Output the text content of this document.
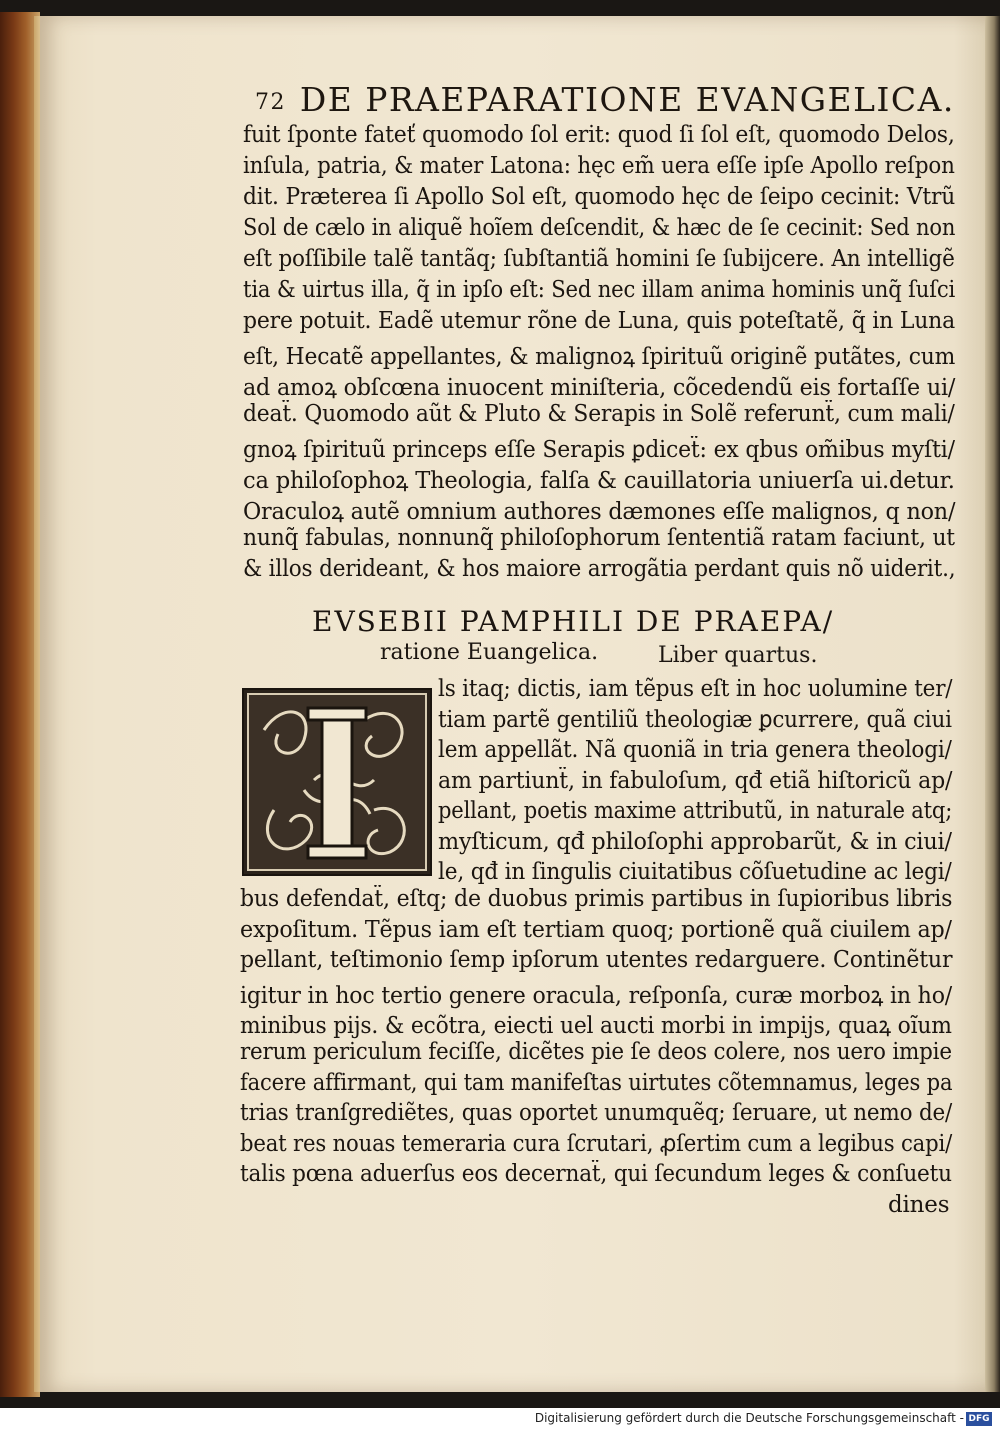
72 DE PRAEPARATIONE EVANGELICA.
fuit ſponte fateť quomodo ſol erit: quod ſi ſol eſt, quomodo Delos,
inſula, patria, & mater Latona: hęc em̃ uera eſſe ipſe Apollo reſpon
dit. Præterea ſi Apollo Sol eſt, quomodo hęc de ſeipo cecinit: Vtrũ
Sol de cælo in aliquẽ hoĩem deſcendit, & hæc de ſe cecinit: Sed non
eſt poſſibile talẽ tantãq; ſubſtantiã homini ſe ſubijcere. An intelligẽ
tia & uirtus illa, q̃ in ipſo eſt: Sed nec illam anima hominis unq̃ ſuſci
pere potuit. Eadẽ utemur rõne de Luna, quis poteſtatẽ, q̃ in Luna
eſt, Hecatẽ appellantes, & malignoꝝ ſpirituũ originẽ putãtes, cum
ad amoꝝ obſcœna inuocent miniſteria, cõcedendũ eis fortaſſe ui/
deaẗ. Quomodo aũt & Pluto & Serapis in Solẽ referunẗ, cum mali/
gnoꝝ ſpirituũ princeps eſſe Serapis ꝑdiceẗ: ex qbus om̃ibus myſti/
ca philoſophoꝝ Theologia, falſa & cauillatoria uniuerſa ui.detur.
Oraculoꝝ autẽ omnium authores dæmones eſſe malignos, q non/
nunq̃ fabulas, nonnunq̃ philoſophorum ſententiã ratam faciunt, ut
& illos derideant, & hos maiore arrogãtia perdant quis nõ uiderit.,
EVSEBII PAMPHILI DE PRAEPA/
ratione Euangelica.	Liber quartus.
ls itaq; dictis, iam tẽpus eſt in hoc uolumine ter/
tiam partẽ gentiliũ theologiæ ꝑcurrere, quã ciui
lem appellãt. Nã quoniã in tria genera theologi/
am partiunẗ, in fabuloſum, qđ etiã hiſtoricũ ap/
pellant, poetis maxime attributũ, in naturale atq;
myſticum, qđ philoſophi approbarũt, & in ciui/
le, qđ in ſingulis ciuitatibus cõſuetudine ac legi/
bus defendaẗ, eſtq; de duobus primis partibus in ſupioribus libris
expoſitum. Tẽpus iam eſt tertiam quoq; portionẽ quã ciuilem ap/
pellant, teſtimonio ſemp ipſorum utentes redarguere. Continẽtur
igitur in hoc tertio genere oracula, reſponſa, curæ morboꝝ in ho/
minibus pijs. & ecõtra, eiecti uel aucti morbi in impijs, quaꝝ oĩum
rerum periculum feciſſe, dicẽtes pie ſe deos colere, nos uero impie
facere affirmant, qui tam manifeſtas uirtutes cõtemnamus, leges pa
trias tranſgrediẽtes, quas oportet unumquẽq; ſeruare, ut nemo de/
beat res nouas temeraria cura ſcrutari, ꝓſertim cum a legibus capi/
talis pœna aduerſus eos decernaẗ, qui ſecundum leges & conſuetu
dines
Digitalisierung gefördert durch die Deutsche Forschungsgemeinschaft - DFG
